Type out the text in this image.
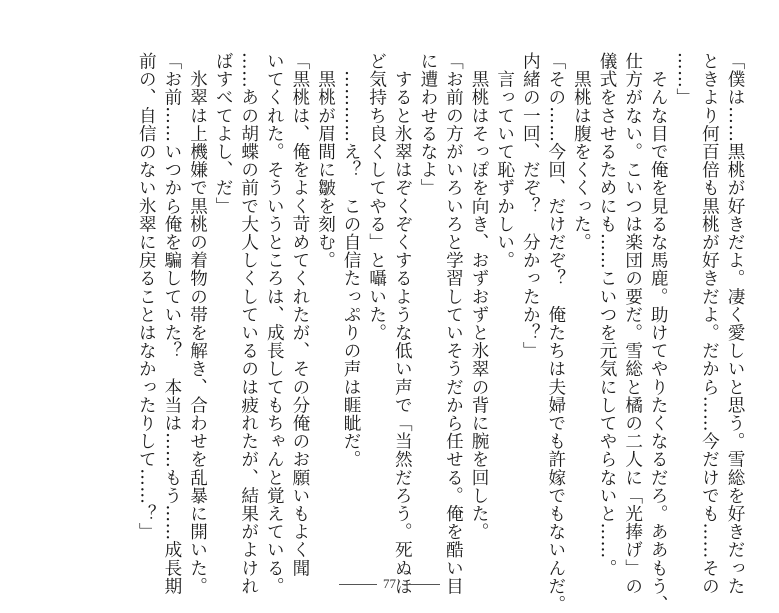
「僕は……黒桃が好きだよ。凄く愛しいと思う。雪総を好きだった
ときより何百倍も黒桃が好きだよ。だから……今だけでも……その
……」
　そんな目で俺を見るな馬鹿。助けてやりたくなるだろ。ああもう、
仕方がない。こいつは楽団の要だ。雪総と橘の二人に「光捧げ」の
儀式をさせるためにも……こいつを元気にしてやらないと……。
　黒桃は腹をくくった。
「その……今回、だけだぞ？　俺たちは夫婦でも許嫁でもないんだ。
内緒の一回、だぞ？　分かったか？」
　言っていて恥ずかしい。
　黒桃はそっぽを向き、おずおずと氷翠の背に腕を回した。
「お前の方がいろいろと学習していそうだから任せる。俺を酷い目
に遭わせるなよ」
　すると氷翠はぞくぞくするような低い声で「当然だろう。死ぬほ
ど気持ち良くしてやる」と囁いた。
　…………え？　この自信たっぷりの声は睚眦だ。
　黒桃が眉間に皺を刻む。
「黒桃は、俺をよく苛めてくれたが、その分俺のお願いもよく聞
いてくれた。そういうところは、成長してもちゃんと覚えている。
……あの胡蝶の前で大人しくしているのは疲れたが、結果がよけれ
ばすべてよし、だ」
　氷翠は上機嫌で黒桃の着物の帯を解き、合わせを乱暴に開いた。
「お前……いつから俺を騙していた？　本当は……もう……成長期
前の、自信のない氷翠に戻ることはなかったりして……？」
77
